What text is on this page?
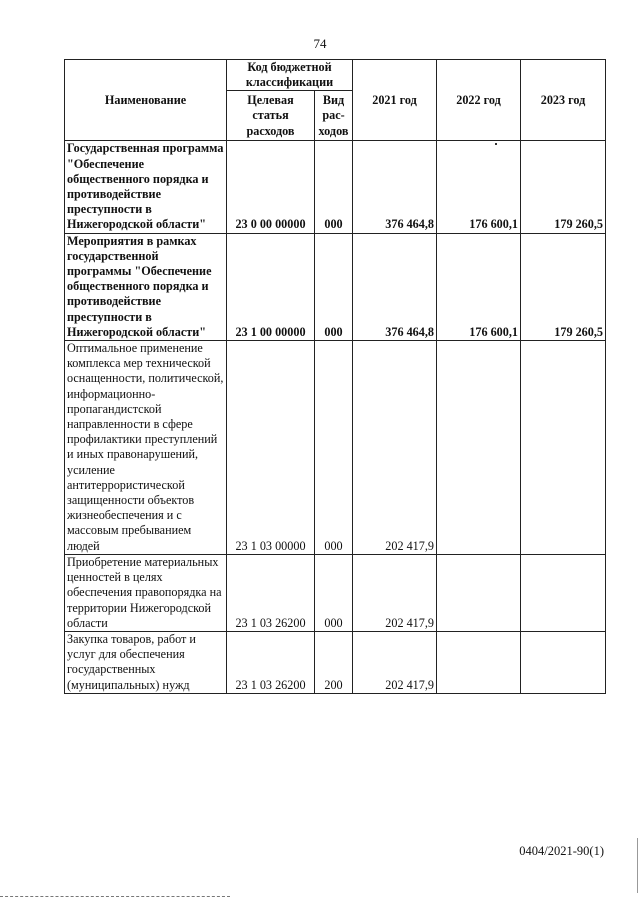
74
Наименование	Код бюджетной классификации		2021 год	2022 год	2023 год
	Целевая статья расходов	Вид рас-ходов			
Государственная программа "Обеспечение общественного порядка и противодействие преступности в Нижегородской области"	23 0 00 00000	000	376 464,8	176 600,1	179 260,5
Мероприятия в рамках государственной программы "Обеспечение общественного порядка и противодействие преступности в Нижегородской области"	23 1 00 00000	000	376 464,8	176 600,1	179 260,5
Оптимальное применение комплекса мер технической оснащенности, политической, информационно-пропагандистской направленности в сфере профилактики преступлений и иных правонарушений, усиление антитеррористической защищенности объектов жизнеобеспечения и с массовым пребыванием людей	23 1 03 00000	000	202 417,9		
Приобретение материальных ценностей в целях обеспечения правопорядка на территории Нижегородской области	23 1 03 26200	000	202 417,9		
Закупка товаров, работ и услуг для обеспечения государственных (муниципальных) нужд	23 1 03 26200	200	202 417,9		
0404/2021-90(1)
